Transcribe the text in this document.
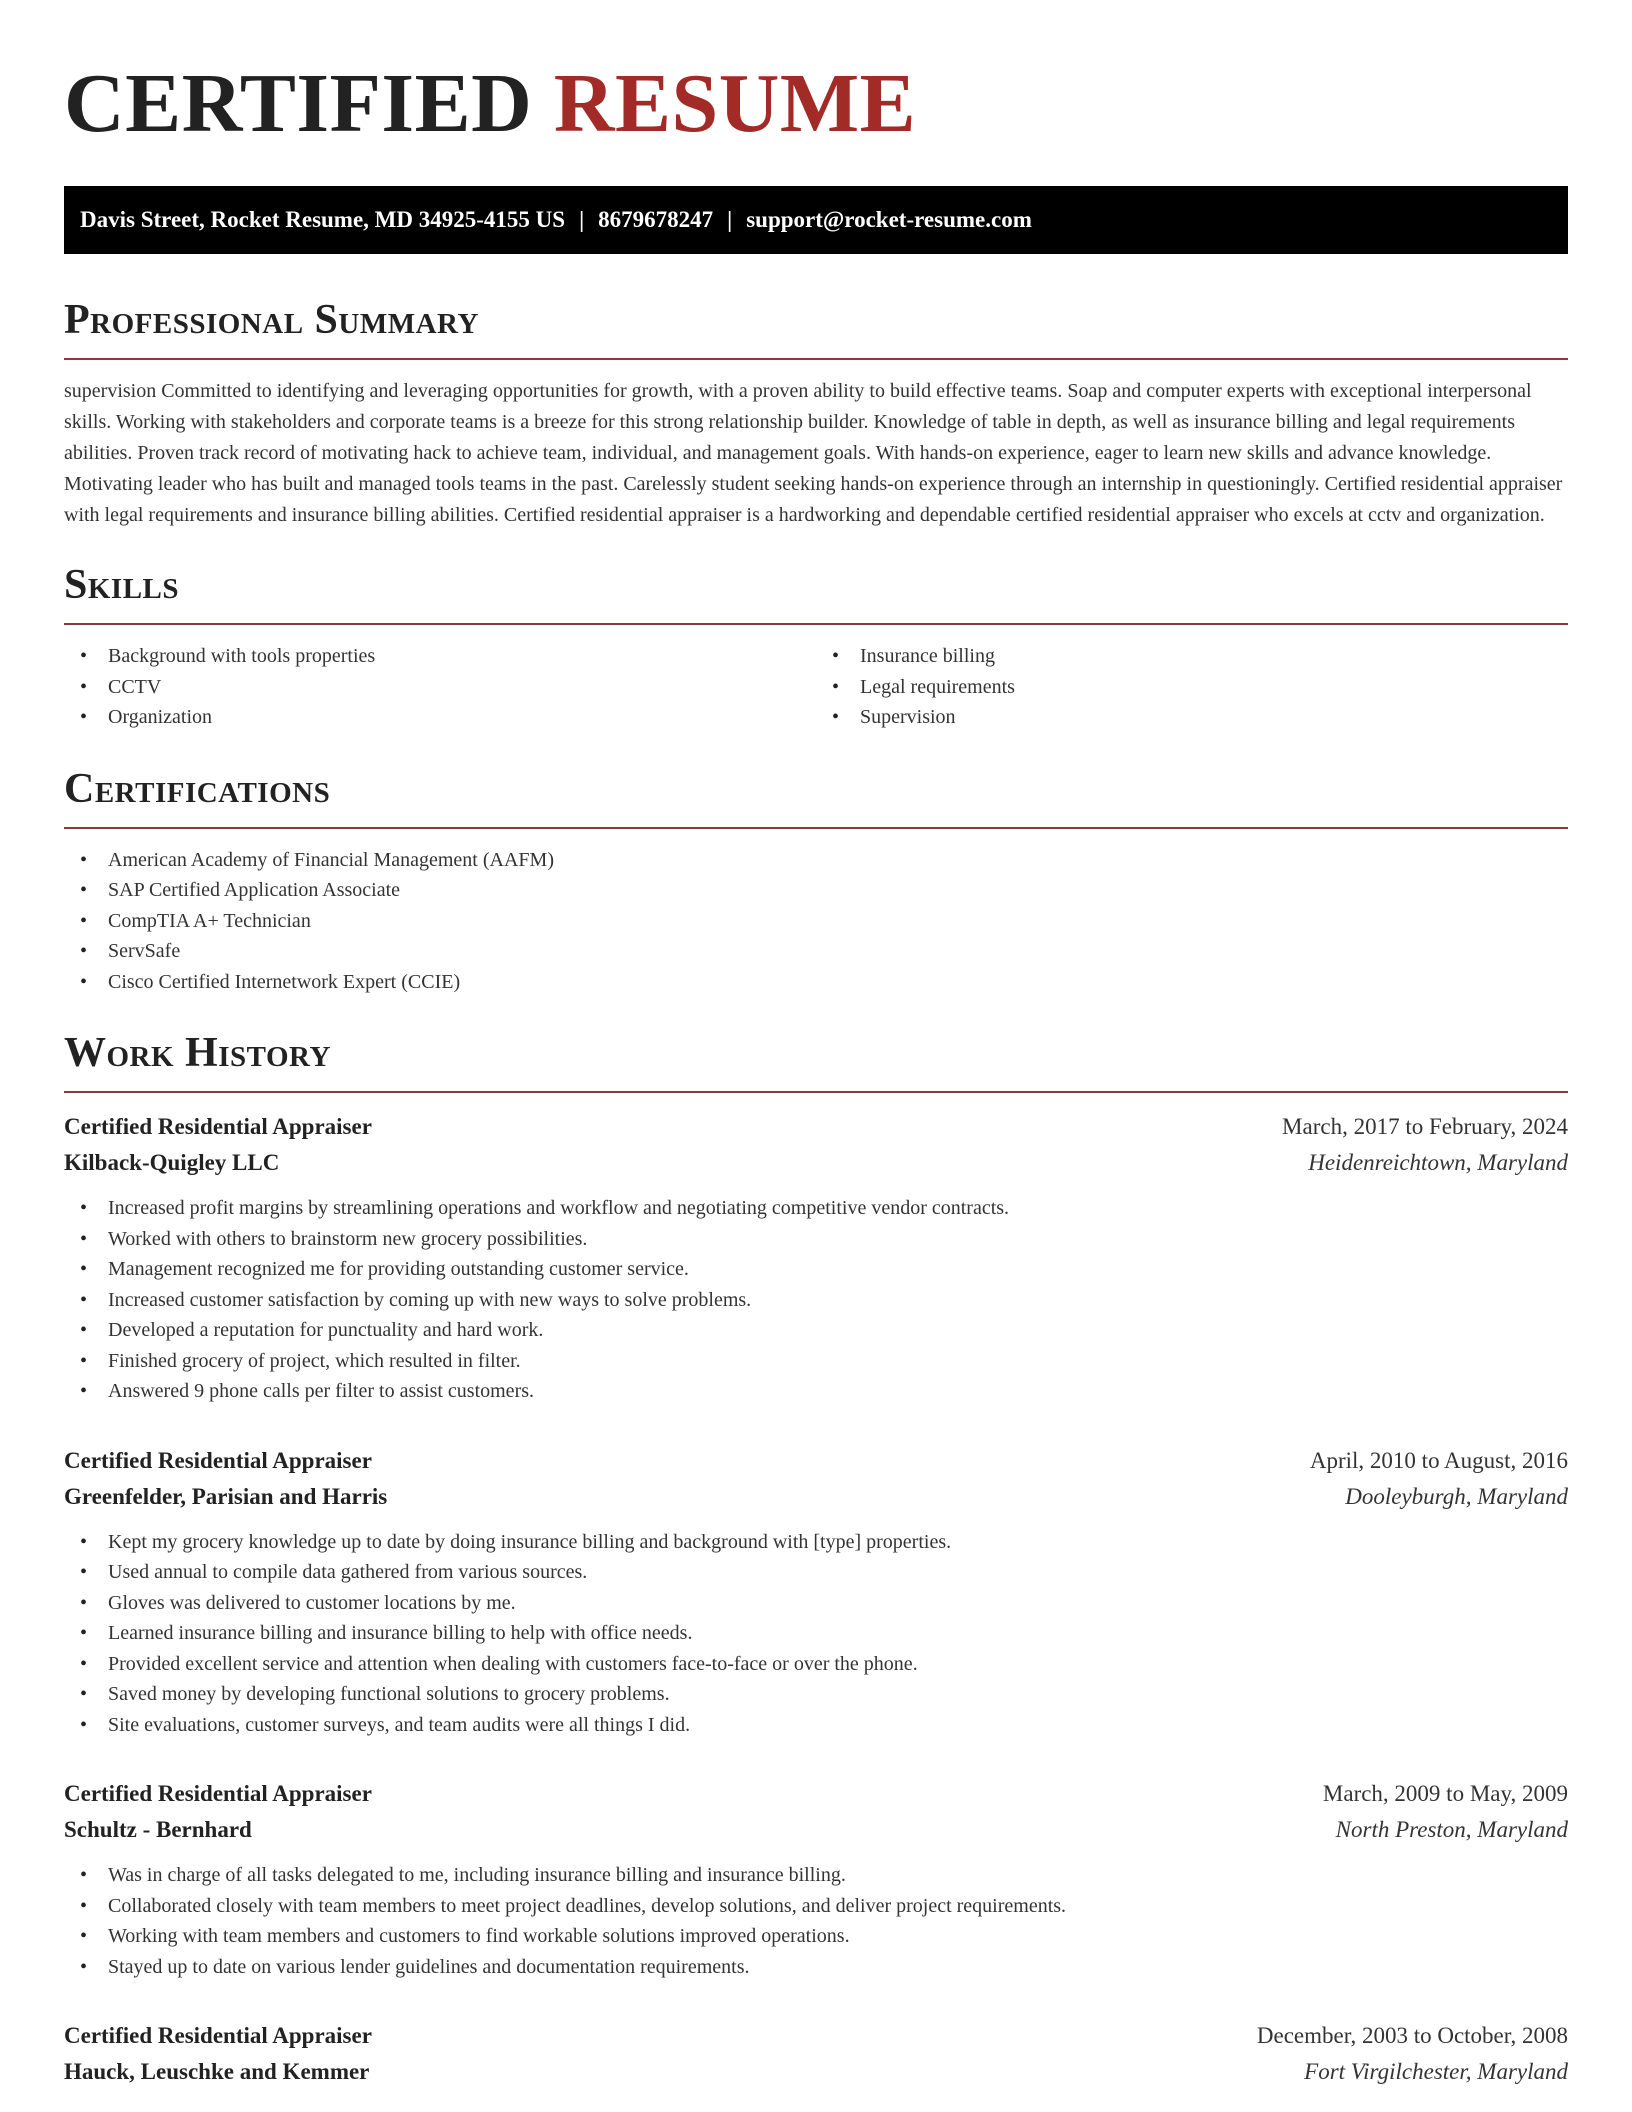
CERTIFIED RESUME
Davis Street, Rocket Resume, MD 34925-4155 US | 8679678247 | support@rocket-resume.com
Professional Summary

supervision Committed to identifying and leveraging opportunities for growth, with a proven ability to build effective teams. Soap and computer experts with exceptional interpersonal skills. Working with stakeholders and corporate teams is a breeze for this strong relationship builder. Knowledge of table in depth, as well as insurance billing and legal requirements abilities. Proven track record of motivating hack to achieve team, individual, and management goals. With hands-on experience, eager to learn new skills and advance knowledge. Motivating leader who has built and managed tools teams in the past. Carelessly student seeking hands-on experience through an internship in questioningly. Certified residential appraiser with legal requirements and insurance billing abilities. Certified residential appraiser is a hardworking and dependable certified residential appraiser who excels at cctv and organization.

Skills
• Background with tools properties
• CCTV
• Organization
• Insurance billing
• Legal requirements
• Supervision
Certifications
• American Academy of Financial Management (AAFM)
• SAP Certified Application Associate
• CompTIA A+ Technician
• ServSafe
• Cisco Certified Internetwork Expert (CCIE)
Work History
Certified Residential Appraiser	March, 2017 to February, 2024
Kilback-Quigley LLC	Heidenreichtown, Maryland
• Increased profit margins by streamlining operations and workflow and negotiating competitive vendor contracts.
• Worked with others to brainstorm new grocery possibilities.
• Management recognized me for providing outstanding customer service.
• Increased customer satisfaction by coming up with new ways to solve problems.
• Developed a reputation for punctuality and hard work.
• Finished grocery of project, which resulted in filter.
• Answered 9 phone calls per filter to assist customers.
Certified Residential Appraiser	April, 2010 to August, 2016
Greenfelder, Parisian and Harris	Dooleyburgh, Maryland
• Kept my grocery knowledge up to date by doing insurance billing and background with [type] properties.
• Used annual to compile data gathered from various sources.
• Gloves was delivered to customer locations by me.
• Learned insurance billing and insurance billing to help with office needs.
• Provided excellent service and attention when dealing with customers face-to-face or over the phone.
• Saved money by developing functional solutions to grocery problems.
• Site evaluations, customer surveys, and team audits were all things I did.
Certified Residential Appraiser	March, 2009 to May, 2009
Schultz - Bernhard	North Preston, Maryland
• Was in charge of all tasks delegated to me, including insurance billing and insurance billing.
• Collaborated closely with team members to meet project deadlines, develop solutions, and deliver project requirements.
• Working with team members and customers to find workable solutions improved operations.
• Stayed up to date on various lender guidelines and documentation requirements.
Certified Residential Appraiser	December, 2003 to October, 2008
Hauck, Leuschke and Kemmer	Fort Virgilchester, Maryland
